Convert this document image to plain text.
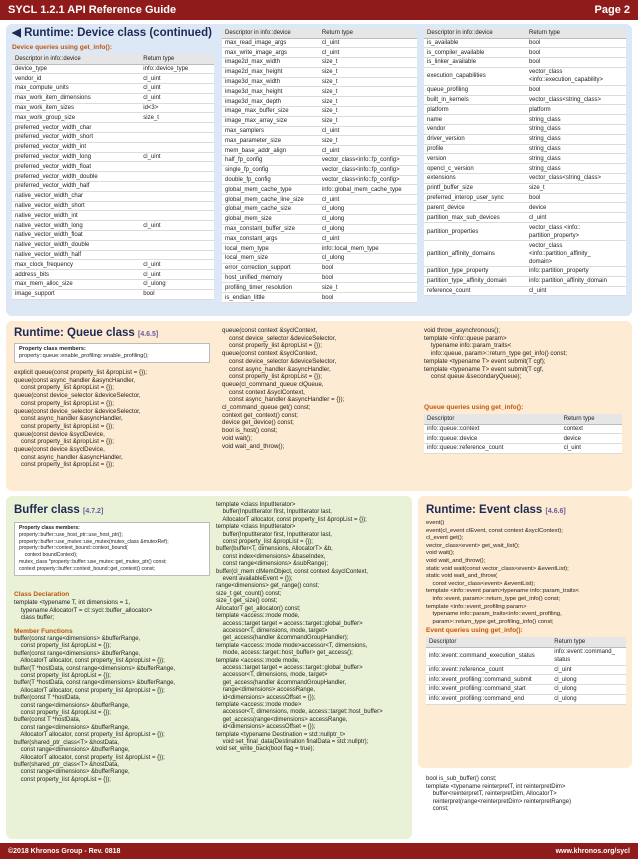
SYCL 1.2.1 API Reference Guide	Page 2
◀ Runtime: Device class (continued)
Device queries using get_info():
Descriptor in info::device	Return type
device_type	info::device_type
vendor_id	cl_uint
max_compute_units	cl_uint
max_work_item_dimensions	cl_uint
max_work_item_sizes	id<3>
max_work_group_size	size_t
preferred_vector_width_char	
preferred_vector_width_short	
preferred_vector_width_int	
preferred_vector_width_long	cl_uint
preferred_vector_width_float	
preferred_vector_width_double	
preferred_vector_width_half	
native_vector_width_char	
native_vector_width_short	
native_vector_width_int	
native_vector_width_long	cl_uint
native_vector_width_float	
native_vector_width_double	
native_vector_width_half	
max_clock_frequency	cl_uint
address_bits	cl_uint
max_mem_alloc_size	cl_ulong
image_support	bool
Descriptor in info::device	Return type
max_read_image_args	cl_uint
max_write_image_args	cl_uint
image2d_max_width	size_t
image2d_max_height	size_t
image3d_max_width	size_t
image3d_max_height	size_t
image3d_max_depth	size_t
image_max_buffer_size	size_t
image_max_array_size	size_t
max_samplers	cl_uint
max_parameter_size	size_t
mem_base_addr_align	cl_uint
half_fp_config	vector_class<info::fp_config>
single_fp_config	vector_class<info::fp_config>
double_fp_config	vector_class<info::fp_config>
global_mem_cache_type	info::global_mem_cache_type
global_mem_cache_line_size	cl_uint
global_mem_cache_size	cl_ulong
global_mem_size	cl_ulong
max_constant_buffer_size	cl_ulong
max_constant_args	cl_uint
local_mem_type	info::local_mem_type
local_mem_size	cl_ulong
error_correction_support	bool
host_unified_memory	bool
profiling_timer_resolution	size_t
is_endian_little	bool
Descriptor in info::device	Return type
is_available	bool
is_compiler_available	bool
is_linker_available	bool
execution_capabilities	vector_class
<info::execution_capability>
queue_profiling	bool
built_in_kernels	vector_class<string_class>
platform	platform
name	string_class
vendor	string_class
driver_version	string_class
profile	string_class
version	string_class
opencl_c_version	string_class
extensions	vector_class<string_class>
printf_buffer_size	size_t
preferred_interop_user_sync	bool
parent_device	device
partition_max_sub_devices	cl_uint
partition_properties	vector_class <info::
partition_property>
partition_affinity_domains	vector_class
<info::partition_affinity_
domain>
partition_type_property	info::partition_property
partition_type_affinity_domain	info::partition_affinity_domain
reference_count	cl_uint
Runtime: Queue class [4.6.5]
Property class members:
property::queue::enable_profiling::enable_profiling();
explicit queue(const property_list &propList = {});
queue(const async_handler &asyncHandler,
const property_list &propList = {});
queue(const device_selector &deviceSelector,
const property_list &propList = {});
queue(const device_selector &deviceSelector,
const async_handler &asyncHandler,
const property_list &propList = {});
queue(const device &syclDevice,
const property_list &propList = {});
queue(const device &syclDevice,
const async_handler &asyncHandler,
const property_list &propList = {});
queue(const context &syclContext,
const device_selector &deviceSelector,
const property_list &propList = {});
queue(const context &syclContext,
const device_selector &deviceSelector,
const async_handler &asyncHandler,
const property_list &propList = {});
queue(cl_command_queue clQueue,
const context &syclContext,
const async_handler &asyncHandler = {});
cl_command_queue get() const;
context get_context() const;
device get_device() const;
bool is_host() const;
void wait();
void wait_and_throw();
void throw_asynchronous();
template <info::queue param>
typename info::param_traits<
info::queue, param>::return_type get_info() const;
template <typename T> event submit(T cgf);
template <typename T> event submit(T cgf,
const queue &secondaryQueue);
Queue queries using get_info():
Descriptor	Return type
info::queue::context	context
info::queue::device	device
info::queue::reference_count	cl_uint
Buffer class [4.7.2]
Property class members:
property::buffer::use_host_ptr::use_host_ptr();
property::buffer::use_mutex::use_mutex(mutex_class &mutexRef);
property::buffer::context_bound::context_bound(
context boundContext);
mutex_class *property::buffer::use_mutex::get_mutex_ptr() const;
context property::buffer::context_bound::get_context() const;
Class Declaration
template <typename T, int dimensions = 1,
typename AllocatorT = cl::sycl::buffer_allocator>
class buffer;
Member Functions
buffer(const range<dimensions> &bufferRange,
const property_list &propList = {});
buffer(const range<dimensions> &bufferRange,
AllocatorT allocator, const property_list &propList = {});
buffer(T *hostData, const range<dimensions> &bufferRange,
const property_list &propList = {});
buffer(T *hostData, const range<dimensions> &bufferRange,
AllocatorT allocator, const property_list &propList = {});
buffer(const T *hostData,
const range<dimensions> &bufferRange,
const property_list &propList = {});
buffer(const T *hostData,
const range<dimensions> &bufferRange,
AllocatorT allocator, const property_list &propList = {});
buffer(shared_ptr_class<T> &hostData,
const range<dimensions> &bufferRange,
AllocatorT allocator, const property_list &propList = {});
buffer(shared_ptr_class<T> &hostData,
const range<dimensions> &bufferRange,
const property_list &propList = {});
template <class InputIterator>
buffer(InputIterator first, InputIterator last,
AllocatorT allocator, const property_list &propList = {});
template <class InputIterator>
buffer(InputIterator first, InputIterator last,
const property_list &propList = {});
buffer(buffer<T, dimensions, AllocatorT> &b,
const index<dimensions> &baseIndex,
const range<dimensions> &subRange);
buffer(cl_mem clMemObject, const context &syclContext,
event availableEvent = {});
range<dimensions> get_range() const;
size_t get_count() const;
size_t get_size() const;
AllocatorT get_allocator() const;
template <access::mode mode,
access::target target = access::target::global_buffer>
accessor<T, dimensions, mode, target>
get_access(handler &commandGroupHandler);
template <access::mode mode>accessor<T, dimensions,
mode, access::target::host_buffer> get_access();
template <access::mode mode,
access::target target = access::target::global_buffer>
accessor<T, dimensions, mode, target>
get_access(handler &commandGroupHandler,
range<dimensions> accessRange,
id<dimensions> accessOffset = {});
template <access::mode mode>
accessor<T, dimensions, mode, access::target::host_buffer>
get_access(range<dimensions> accessRange,
id<dimensions> accessOffset = {});
template <typename Destination = std::nullptr_t>
void set_final_data(Destination finalData = std::nullptr);
void set_write_back(bool flag = true);
Runtime: Event class [4.6.6]
event()
event(cl_event clEvent, const context &syclContext);
cl_event get();
vector_class<event> get_wait_list();
void wait();
void wait_and_throw();
static void wait(const vector_class<event> &eventList);
static void wait_and_throw(
const vector_class<event> &eventList);
template <info::event param>typename info::param_traits<
info::event, param>::return_type get_info() const;
template <info::event_profiling param>
typename info::param_traits<info::event_profiling,
param>::return_type get_profiling_info() const;
Event queries using get_info():
Descriptor	Return type
info::event::command_execution_status	info::event::command_
status
info::event::reference_count	cl_uint
info::event_profiling::command_submit	cl_ulong
info::event_profiling::command_start	cl_ulong
info::event_profiling::command_end	cl_ulong
bool is_sub_buffer() const;
template <typename reinterpretT, int reinterpretDim>
buffer<reinterpretT, reinterpretDim, AllocatorT>
reinterpret(range<reinterpretDim> reinterpretRange)
const;
©2018 Khronos Group - Rev. 0818	www.khronos.org/sycl
